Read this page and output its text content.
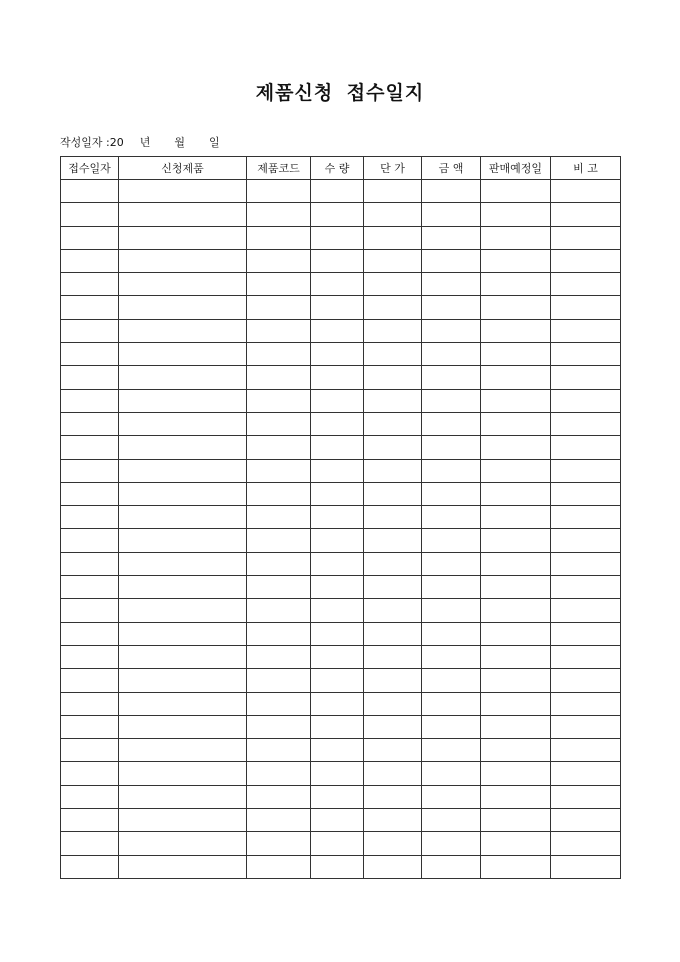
제품신청 접수일지
작성일자 : 20 년 월 일
접수일자	신청제품	제품코드	수 량	단 가	금 액	판매예정일	비 고
